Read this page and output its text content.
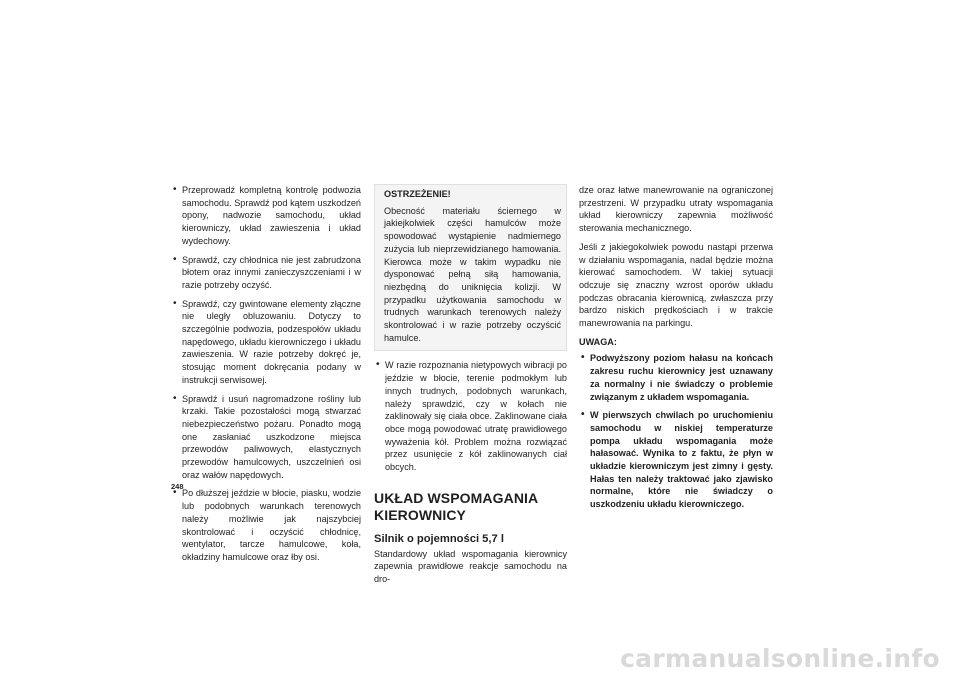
• Przeprowadź kompletną kontrolę podwozia samochodu. Sprawdź pod kątem uszkodzeń opony, nadwozie samochodu, układ kierowniczy, układ zawieszenia i układ wydechowy.
• Sprawdź, czy chłodnica nie jest zabrudzona błotem oraz innymi zanieczyszczeniami i w razie potrzeby oczyść.
• Sprawdź, czy gwintowane elementy złączne nie uległy obluzowaniu. Dotyczy to szczególnie podwozia, podzespołów układu napędowego, układu kierowniczego i układu zawieszenia. W razie potrzeby dokręć je, stosując moment dokręcania podany w instrukcji serwisowej.
• Sprawdź i usuń nagromadzone rośliny lub krzaki. Takie pozostałości mogą stwarzać niebezpieczeństwo pożaru. Ponadto mogą one zasłaniać uszkodzone miejsca przewodów paliwowych, elastycznych przewodów hamulcowych, uszczelnień osi oraz wałów napędowych.
• Po dłuższej jeździe w błocie, piasku, wodzie lub podobnych warunkach terenowych należy możliwie jak najszybciej skontrolować i oczyścić chłodnicę, wentylator, tarcze hamulcowe, koła, okładziny hamulcowe oraz łby osi.
OSTRZEŻENIE!
Obecność materiału ściernego w jakiejkolwiek części hamulców może spowodować wystąpienie nadmiernego zużycia lub nieprzewidzianego hamowania. Kierowca może w takim wypadku nie dysponować pełną siłą hamowania, niezbędną do uniknięcia kolizji. W przypadku użytkowania samochodu w trudnych warunkach terenowych należy skontrolować i w razie potrzeby oczyścić hamulce.
• W razie rozpoznania nietypowych wibracji po jeździe w błocie, terenie podmokłym lub innych trudnych, podobnych warunkach, należy sprawdzić, czy w kołach nie zaklinowały się ciała obce. Zaklinowane ciała obce mogą powodować utratę prawidłowego wyważenia kół. Problem można rozwiązać przez usunięcie z kół zaklinowanych ciał obcych.
UKŁAD WSPOMAGANIA KIEROWNICY
Silnik o pojemności 5,7 l

Standardowy układ wspomagania kierownicy zapewnia prawidłowe reakcje samochodu na dro-

dze oraz łatwe manewrowanie na ograniczonej przestrzeni. W przypadku utraty wspomagania układ kierowniczy zapewnia możliwość sterowania mechanicznego.

Jeśli z jakiegokolwiek powodu nastąpi przerwa w działaniu wspomagania, nadal będzie można kierować samochodem. W takiej sytuacji odczuje się znaczny wzrost oporów układu podczas obracania kierownicą, zwłaszcza przy bardzo niskich prędkościach i w trakcie manewrowania na parkingu.

UWAGA:
• Podwyższony poziom hałasu na końcach zakresu ruchu kierownicy jest uznawany za normalny i nie świadczy o problemie związanym z układem wspomagania.
• W pierwszych chwilach po uruchomieniu samochodu w niskiej temperaturze pompa układu wspomagania może hałasować. Wynika to z faktu, że płyn w układzie kierowniczym jest zimny i gęsty. Hałas ten należy traktować jako zjawisko normalne, które nie świadczy o uszkodzeniu układu kierowniczego.
248
carmanualsonline.info
